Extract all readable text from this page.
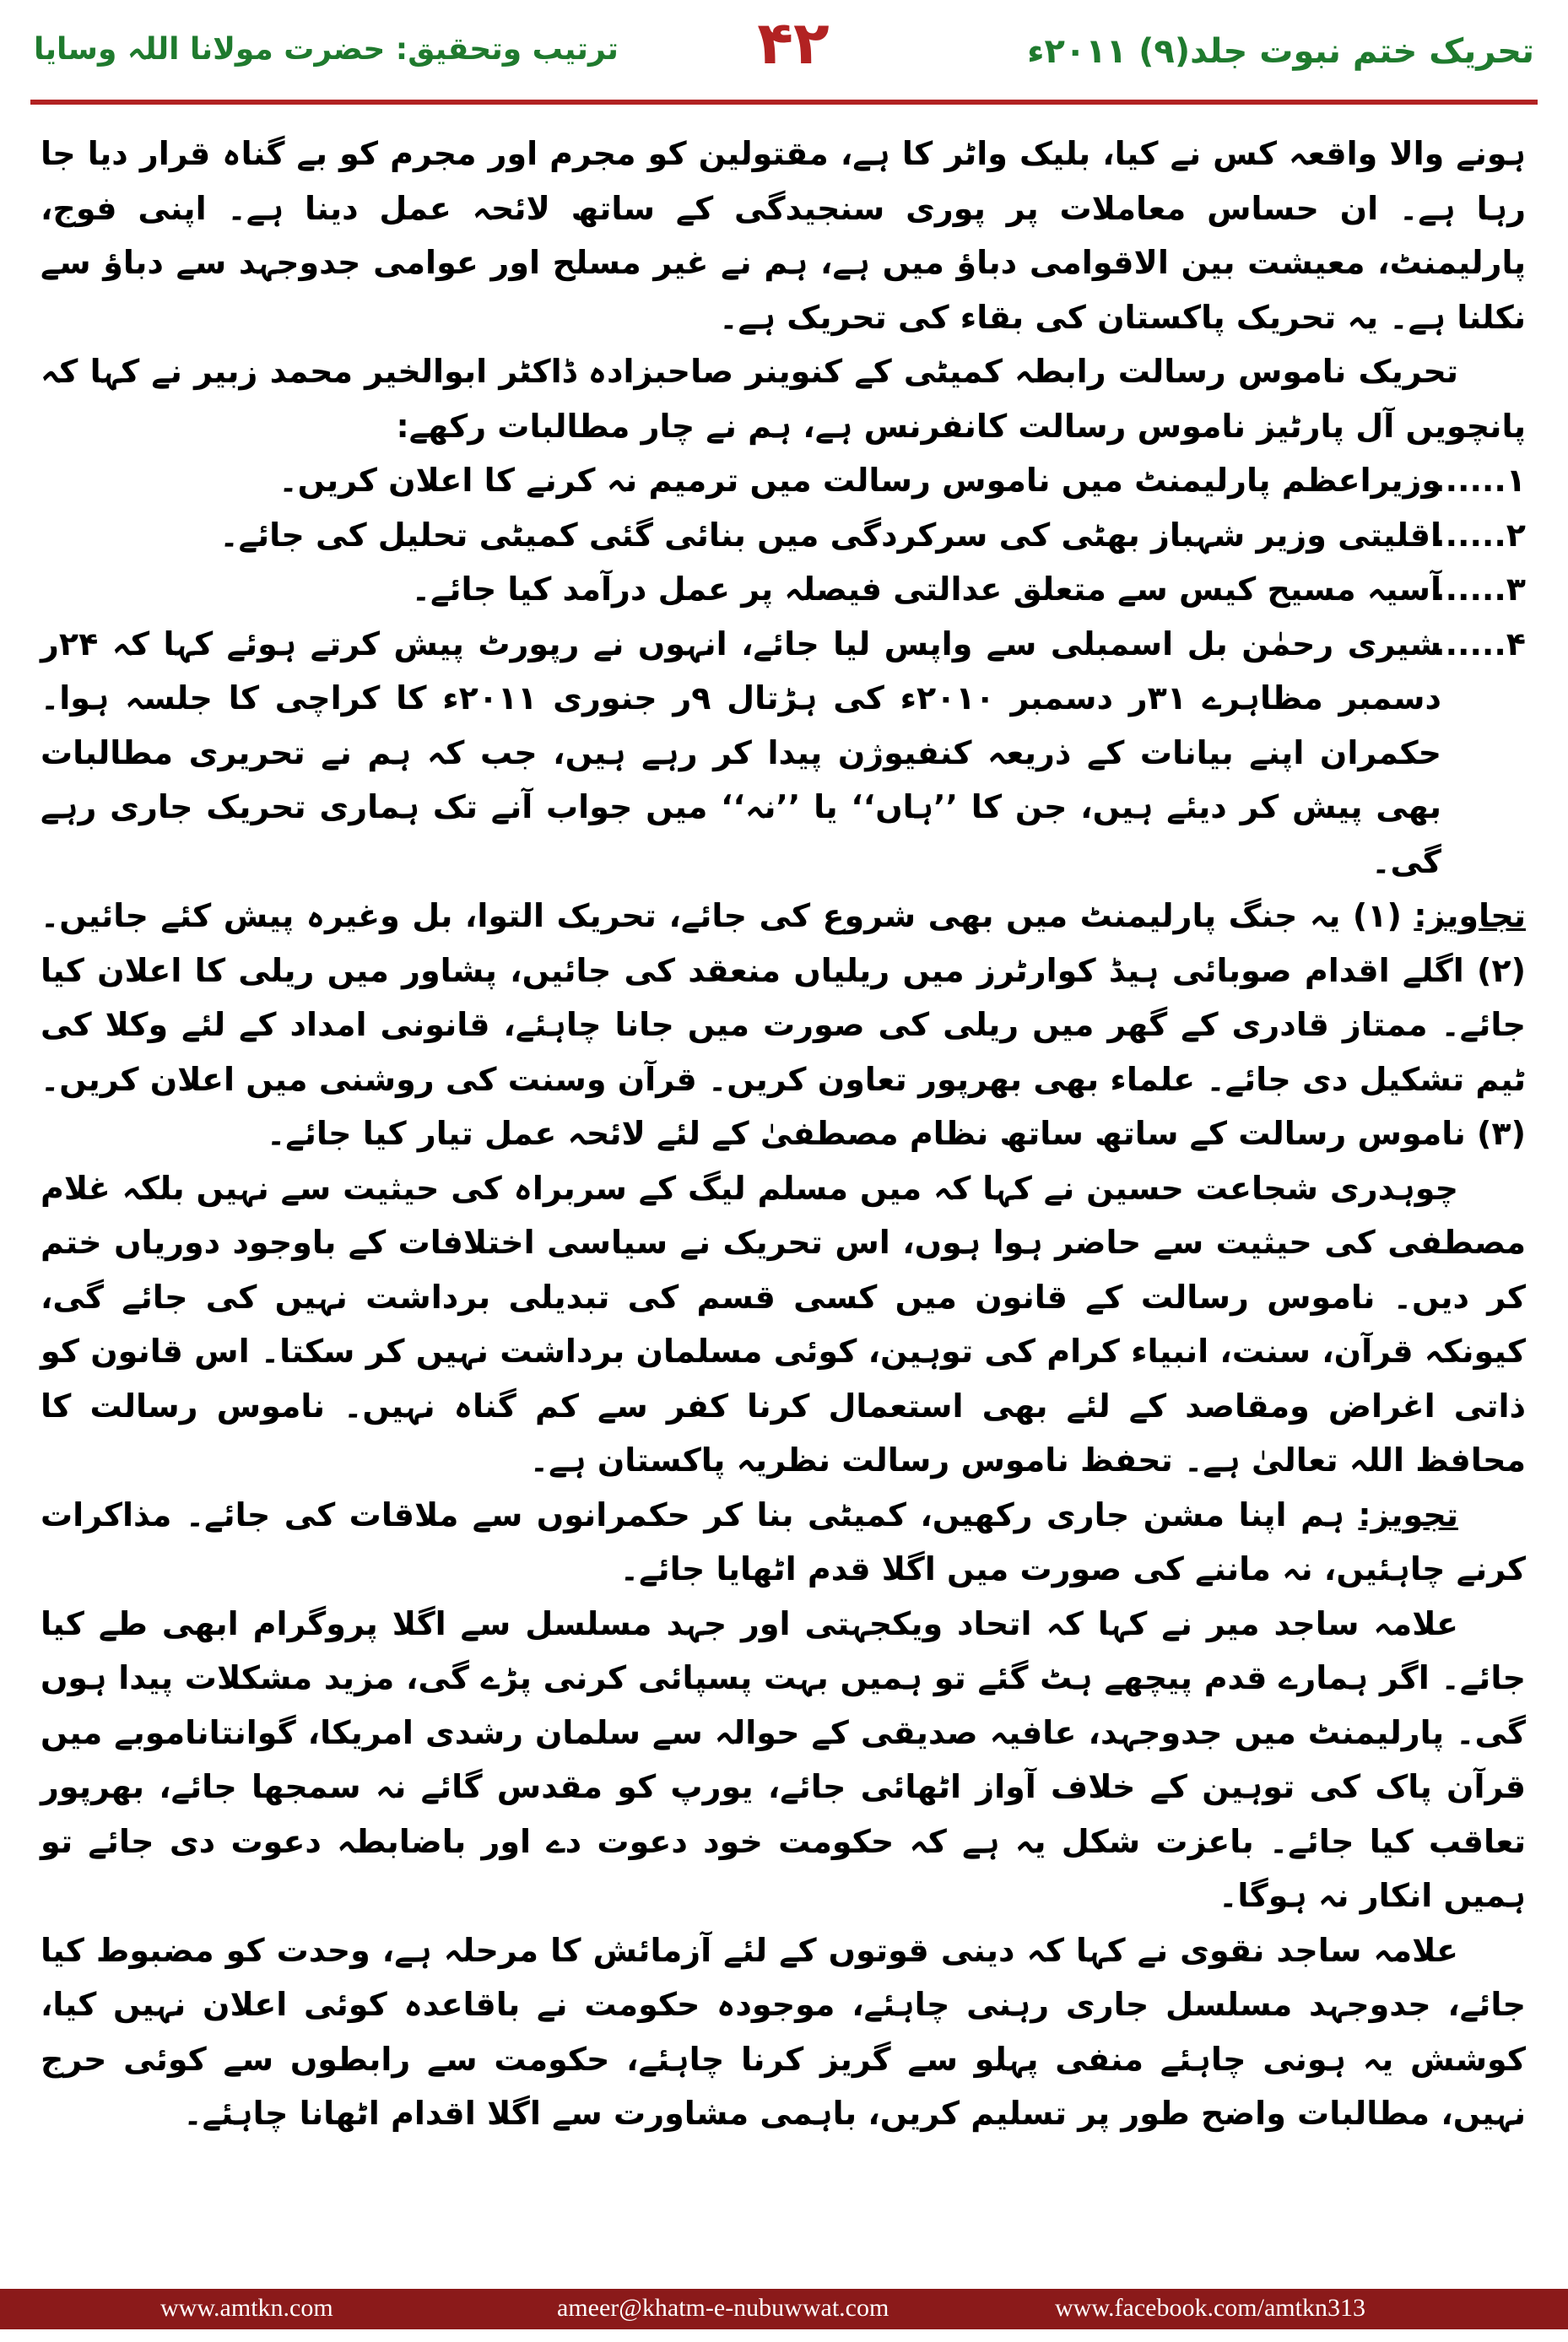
تحریک ختم نبوت جلد(۹) ۲۰۱۱ء
۴۲
ترتیب وتحقیق: حضرت مولانا اللہ وسایا

ہونے والا واقعہ کس نے کیا، بلیک واٹر کا ہے، مقتولین کو مجرم اور مجرم کو بے گناہ قرار دیا جا رہا ہے۔ ان حساس معاملات پر پوری سنجیدگی کے ساتھ لائحہ عمل دینا ہے۔ اپنی فوج، پارلیمنٹ، معیشت بین الاقوامی دباؤ میں ہے، ہم نے غیر مسلح اور عوامی جدوجہد سے دباؤ سے نکلنا ہے۔ یہ تحریک پاکستان کی بقاء کی تحریک ہے۔

تحریک ناموس رسالت رابطہ کمیٹی کے کنوینر صاحبزادہ ڈاکٹر ابوالخیر محمد زبیر نے کہا کہ پانچویں آل پارٹیز ناموس رسالت کانفرنس ہے، ہم نے چار مطالبات رکھے:

۱......
وزیراعظم پارلیمنٹ میں ناموس رسالت میں ترمیم نہ کرنے کا اعلان کریں۔
۲......
اقلیتی وزیر شہباز بھٹی کی سرکردگی میں بنائی گئی کمیٹی تحلیل کی جائے۔
۳......
آسیہ مسیح کیس سے متعلق عدالتی فیصلہ پر عمل درآمد کیا جائے۔
۴......
شیری رحمٰن بل اسمبلی سے واپس لیا جائے، انہوں نے رپورٹ پیش کرتے ہوئے کہا کہ ۲۴ر دسمبر مظاہرے ۳۱ر دسمبر ۲۰۱۰ء کی ہڑتال ۹ر جنوری ۲۰۱۱ء کا کراچی کا جلسہ ہوا۔ حکمران اپنے بیانات کے ذریعہ کنفیوژن پیدا کر رہے ہیں، جب کہ ہم نے تحریری مطالبات بھی پیش کر دیئے ہیں، جن کا ’’ہاں‘‘ یا ’’نہ‘‘ میں جواب آنے تک ہماری تحریک جاری رہے گی۔

تجاویز: (۱) یہ جنگ پارلیمنٹ میں بھی شروع کی جائے، تحریک التوا، بل وغیرہ پیش کئے جائیں۔ (۲) اگلے اقدام صوبائی ہیڈ کوارٹرز میں ریلیاں منعقد کی جائیں، پشاور میں ریلی کا اعلان کیا جائے۔ ممتاز قادری کے گھر میں ریلی کی صورت میں جانا چاہئے، قانونی امداد کے لئے وکلا کی ٹیم تشکیل دی جائے۔ علماء بھی بھرپور تعاون کریں۔ قرآن وسنت کی روشنی میں اعلان کریں۔ (۳) ناموس رسالت کے ساتھ ساتھ نظام مصطفیٰ کے لئے لائحہ عمل تیار کیا جائے۔

چوہدری شجاعت حسین نے کہا کہ میں مسلم لیگ کے سربراہ کی حیثیت سے نہیں بلکہ غلام مصطفی کی حیثیت سے حاضر ہوا ہوں، اس تحریک نے سیاسی اختلافات کے باوجود دوریاں ختم کر دیں۔ ناموس رسالت کے قانون میں کسی قسم کی تبدیلی برداشت نہیں کی جائے گی، کیونکہ قرآن، سنت، انبیاء کرام کی توہین، کوئی مسلمان برداشت نہیں کر سکتا۔ اس قانون کو ذاتی اغراض ومقاصد کے لئے بھی استعمال کرنا کفر سے کم گناہ نہیں۔ ناموس رسالت کا محافظ اللہ تعالیٰ ہے۔ تحفظ ناموس رسالت نظریہ پاکستان ہے۔

تجویز: ہم اپنا مشن جاری رکھیں، کمیٹی بنا کر حکمرانوں سے ملاقات کی جائے۔ مذاکرات کرنے چاہئیں، نہ ماننے کی صورت میں اگلا قدم اٹھایا جائے۔

علامہ ساجد میر نے کہا کہ اتحاد ویکجہتی اور جہد مسلسل سے اگلا پروگرام ابھی طے کیا جائے۔ اگر ہمارے قدم پیچھے ہٹ گئے تو ہمیں بہت پسپائی کرنی پڑے گی، مزید مشکلات پیدا ہوں گی۔ پارلیمنٹ میں جدوجہد، عافیہ صدیقی کے حوالہ سے سلمان رشدی امریکا، گوانتاناموبے میں قرآن پاک کی توہین کے خلاف آواز اٹھائی جائے، یورپ کو مقدس گائے نہ سمجھا جائے، بھرپور تعاقب کیا جائے۔ باعزت شکل یہ ہے کہ حکومت خود دعوت دے اور باضابطہ دعوت دی جائے تو ہمیں انکار نہ ہوگا۔

علامہ ساجد نقوی نے کہا کہ دینی قوتوں کے لئے آزمائش کا مرحلہ ہے، وحدت کو مضبوط کیا جائے، جدوجہد مسلسل جاری رہنی چاہئے، موجودہ حکومت نے باقاعدہ کوئی اعلان نہیں کیا، کوشش یہ ہونی چاہئے منفی پہلو سے گریز کرنا چاہئے، حکومت سے رابطوں سے کوئی حرج نہیں، مطالبات واضح طور پر تسلیم کریں، باہمی مشاورت سے اگلا اقدام اٹھانا چاہئے۔

www.amtkn.com	ameer@khatm-e-nubuwwat.com	www.facebook.com/amtkn313
